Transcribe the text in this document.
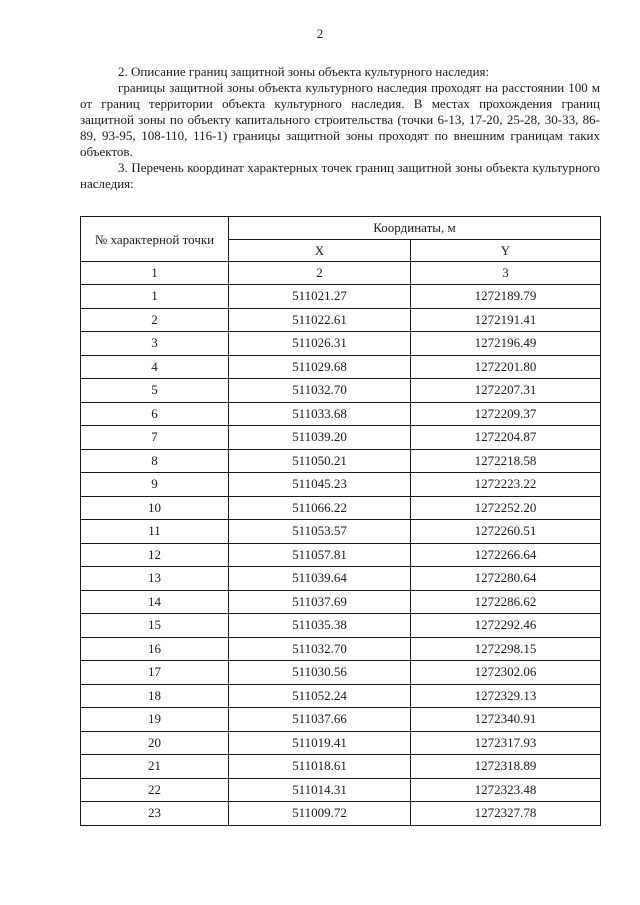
2

2. Описание границ защитной зоны объекта культурного наследия:

границы защитной зоны объекта культурного наследия проходят на расстоянии 100 м от границ территории объекта культурного наследия. В местах прохождения границ защитной зоны по объекту капитального строительства (точки 6-13, 17-20, 25-28, 30-33, 86-89, 93-95, 108-110, 116-1) границы защитной зоны проходят по внешним границам таких объектов.

3. Перечень координат характерных точек границ защитной зоны объекта культурного наследия:

№ характерной точки	Координаты, м	
	X	Y
1	2	3
1	511021.27	1272189.79
2	511022.61	1272191.41
3	511026.31	1272196.49
4	511029.68	1272201.80
5	511032.70	1272207.31
6	511033.68	1272209.37
7	511039.20	1272204.87
8	511050.21	1272218.58
9	511045.23	1272223.22
10	511066.22	1272252.20
11	511053.57	1272260.51
12	511057.81	1272266.64
13	511039.64	1272280.64
14	511037.69	1272286.62
15	511035.38	1272292.46
16	511032.70	1272298.15
17	511030.56	1272302.06
18	511052.24	1272329.13
19	511037.66	1272340.91
20	511019.41	1272317.93
21	511018.61	1272318.89
22	511014.31	1272323.48
23	511009.72	1272327.78
